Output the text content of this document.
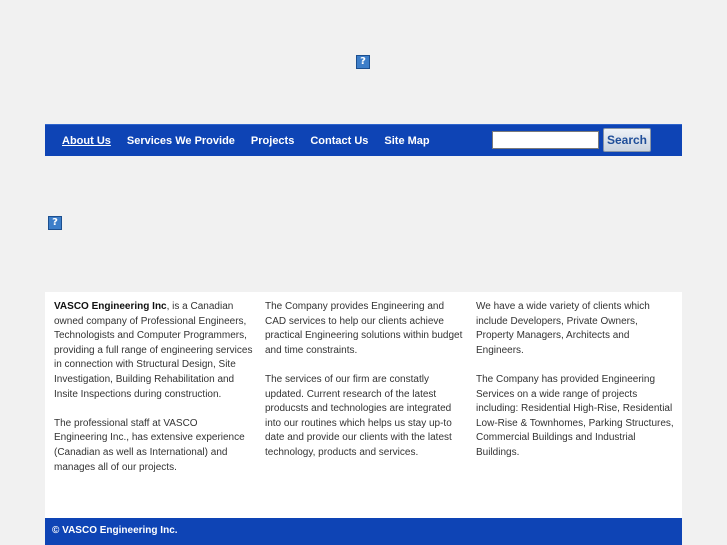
?
About Us Services We Provide Projects Contact Us Site Map	Search
?

VASCO Engineering Inc, is a Canadian owned company of Professional Engineers, Technologists and Computer Programmers, providing a full range of engineering services in connection with Structural Design, Site Investigation, Building Rehabilitation and Insite Inspections during construction.

The professional staff at VASCO Engineering Inc., has extensive experience (Canadian as well as International) and manages all of our projects.

The Company provides Engineering and CAD services to help our clients achieve practical Engineering solutions within budget and time constraints.

The services of our firm are constatly updated. Current research of the latest producsts and technologies are integrated into our routines which helps us stay up-to date and provide our clients with the latest technology, products and services.

We have a wide variety of clients which include Developers, Private Owners, Property Managers, Architects and Engineers.

The Company has provided Engineering Services on a wide range of projects including: Residential High-Rise, Residential Low-Rise & Townhomes, Parking Structures, Commercial Buildings and Industrial Buildings.

© VASCO Engineering Inc.
